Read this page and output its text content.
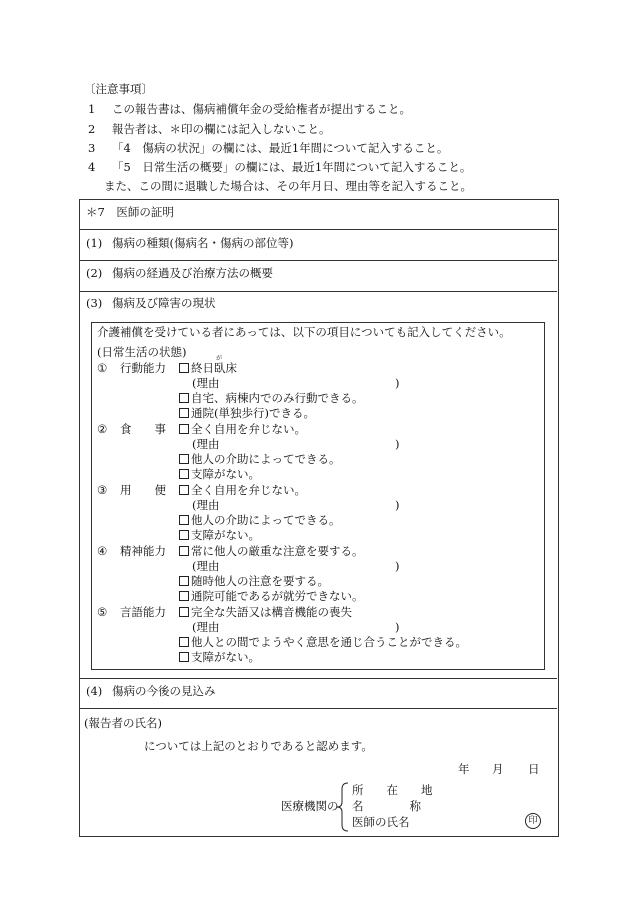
〔注意事項〕
1 この報告書は、傷病補償年金の受給権者が提出すること。
2 報告者は、＊印の欄には記入しないこと。
3 「4　傷病の状況」の欄には、最近1年間について記入すること。
4 「5　日常生活の概要」の欄には、最近1年間について記入すること。
また、この間に退職した場合は、その年月日、理由等を記入すること。
＊7　医師の証明
(1) 傷病の種類(傷病名・傷病の部位等)
(2) 傷病の経過及び治療方法の概要
(3) 傷病及び障害の現状
(4) 傷病の今後の見込み
介護補償を受けている者にあっては、以下の項目についても記入してください。
(日常生活の状態)	が
① 行動能力	終日臥床
(理由	)
自宅、病棟内でのみ行動できる。
通院(単独歩行)できる。
② 食　　事	全く自用を弁じない。
(理由	)
他人の介助によってできる。
支障がない。
③ 用　　便	全く自用を弁じない。
(理由	)
他人の介助によってできる。
支障がない。
④ 精神能力	常に他人の厳重な注意を要する。
(理由	)
随時他人の注意を要する。
通院可能であるが就労できない。
⑤ 言語能力	完全な失語又は構音機能の喪失
(理由	)
他人との間でようやく意思を通じ合うことができる。
支障がない。
(報告者の氏名)
については上記のとおりであると認めます。
年 月 日
医療機関の
所　　在　　地
名　　　　称
医師の氏名	印
